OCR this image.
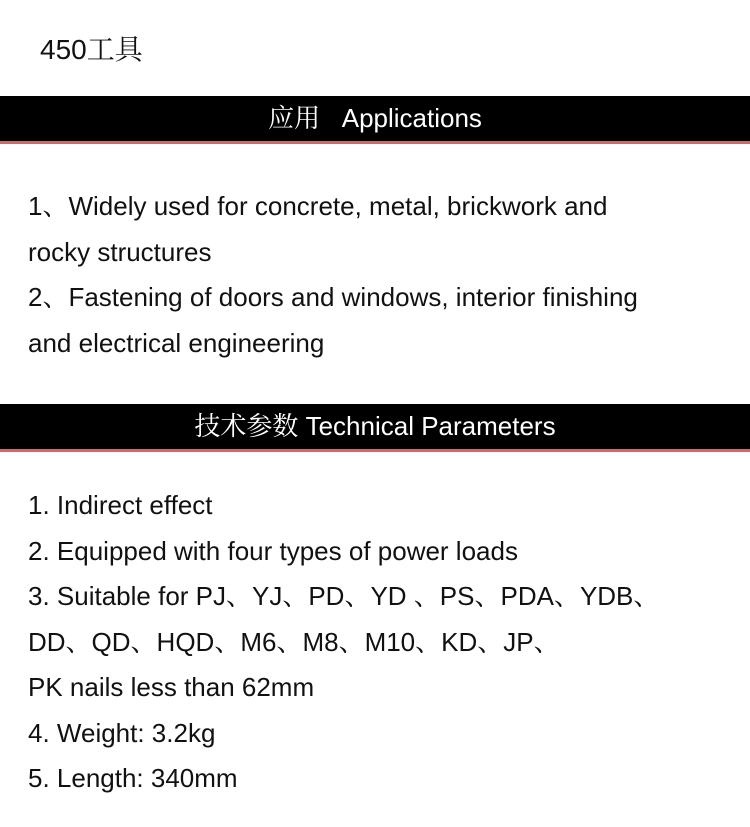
450工具
应用   Applications
1、Widely used for concrete, metal, brickwork and
rocky structures
2、Fastening of doors and windows, interior finishing
and electrical engineering
技术参数 Technical Parameters
1. Indirect effect
2. Equipped with four types of power loads
3. Suitable for PJ、YJ、PD、YD 、PS、PDA、YDB、
DD、QD、HQD、M6、M8、M10、KD、JP、
PK nails less than 62mm
4. Weight: 3.2kg
5. Length: 340mm
